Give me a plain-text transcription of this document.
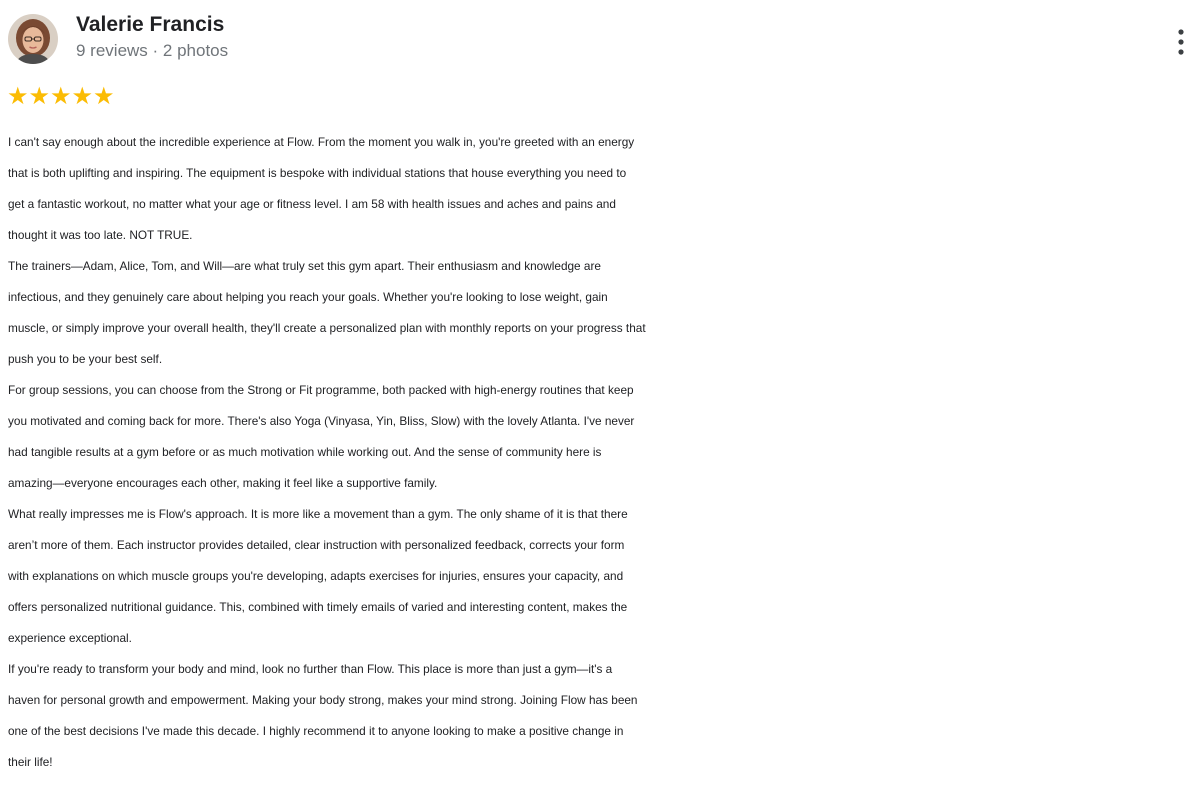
Valerie Francis
9 reviews · 2 photos
★ ★ ★ ★ ★

I can't say enough about the incredible experience at Flow. From the moment you walk in, you're greeted with an energy

that is both uplifting and inspiring. The equipment is bespoke with individual stations that house everything you need to

get a fantastic workout, no matter what your age or fitness level. I am 58 with health issues and aches and pains and

thought it was too late. NOT TRUE.

The trainers—Adam, Alice, Tom, and Will—are what truly set this gym apart. Their enthusiasm and knowledge are

infectious, and they genuinely care about helping you reach your goals. Whether you're looking to lose weight, gain

muscle, or simply improve your overall health, they'll create a personalized plan with monthly reports on your progress that

push you to be your best self.

For group sessions, you can choose from the Strong or Fit programme, both packed with high-energy routines that keep

you motivated and coming back for more. There's also Yoga (Vinyasa, Yin, Bliss, Slow) with the lovely Atlanta. I've never

had tangible results at a gym before or as much motivation while working out. And the sense of community here is

amazing—everyone encourages each other, making it feel like a supportive family.

What really impresses me is Flow's approach. It is more like a movement than a gym. The only shame of it is that there

aren’t more of them. Each instructor provides detailed, clear instruction with personalized feedback, corrects your form

with explanations on which muscle groups you're developing, adapts exercises for injuries, ensures your capacity, and

offers personalized nutritional guidance. This, combined with timely emails of varied and interesting content, makes the

experience exceptional.

If you're ready to transform your body and mind, look no further than Flow. This place is more than just a gym—it's a

haven for personal growth and empowerment. Making your body strong, makes your mind strong. Joining Flow has been

one of the best decisions I've made this decade. I highly recommend it to anyone looking to make a positive change in

their life!
